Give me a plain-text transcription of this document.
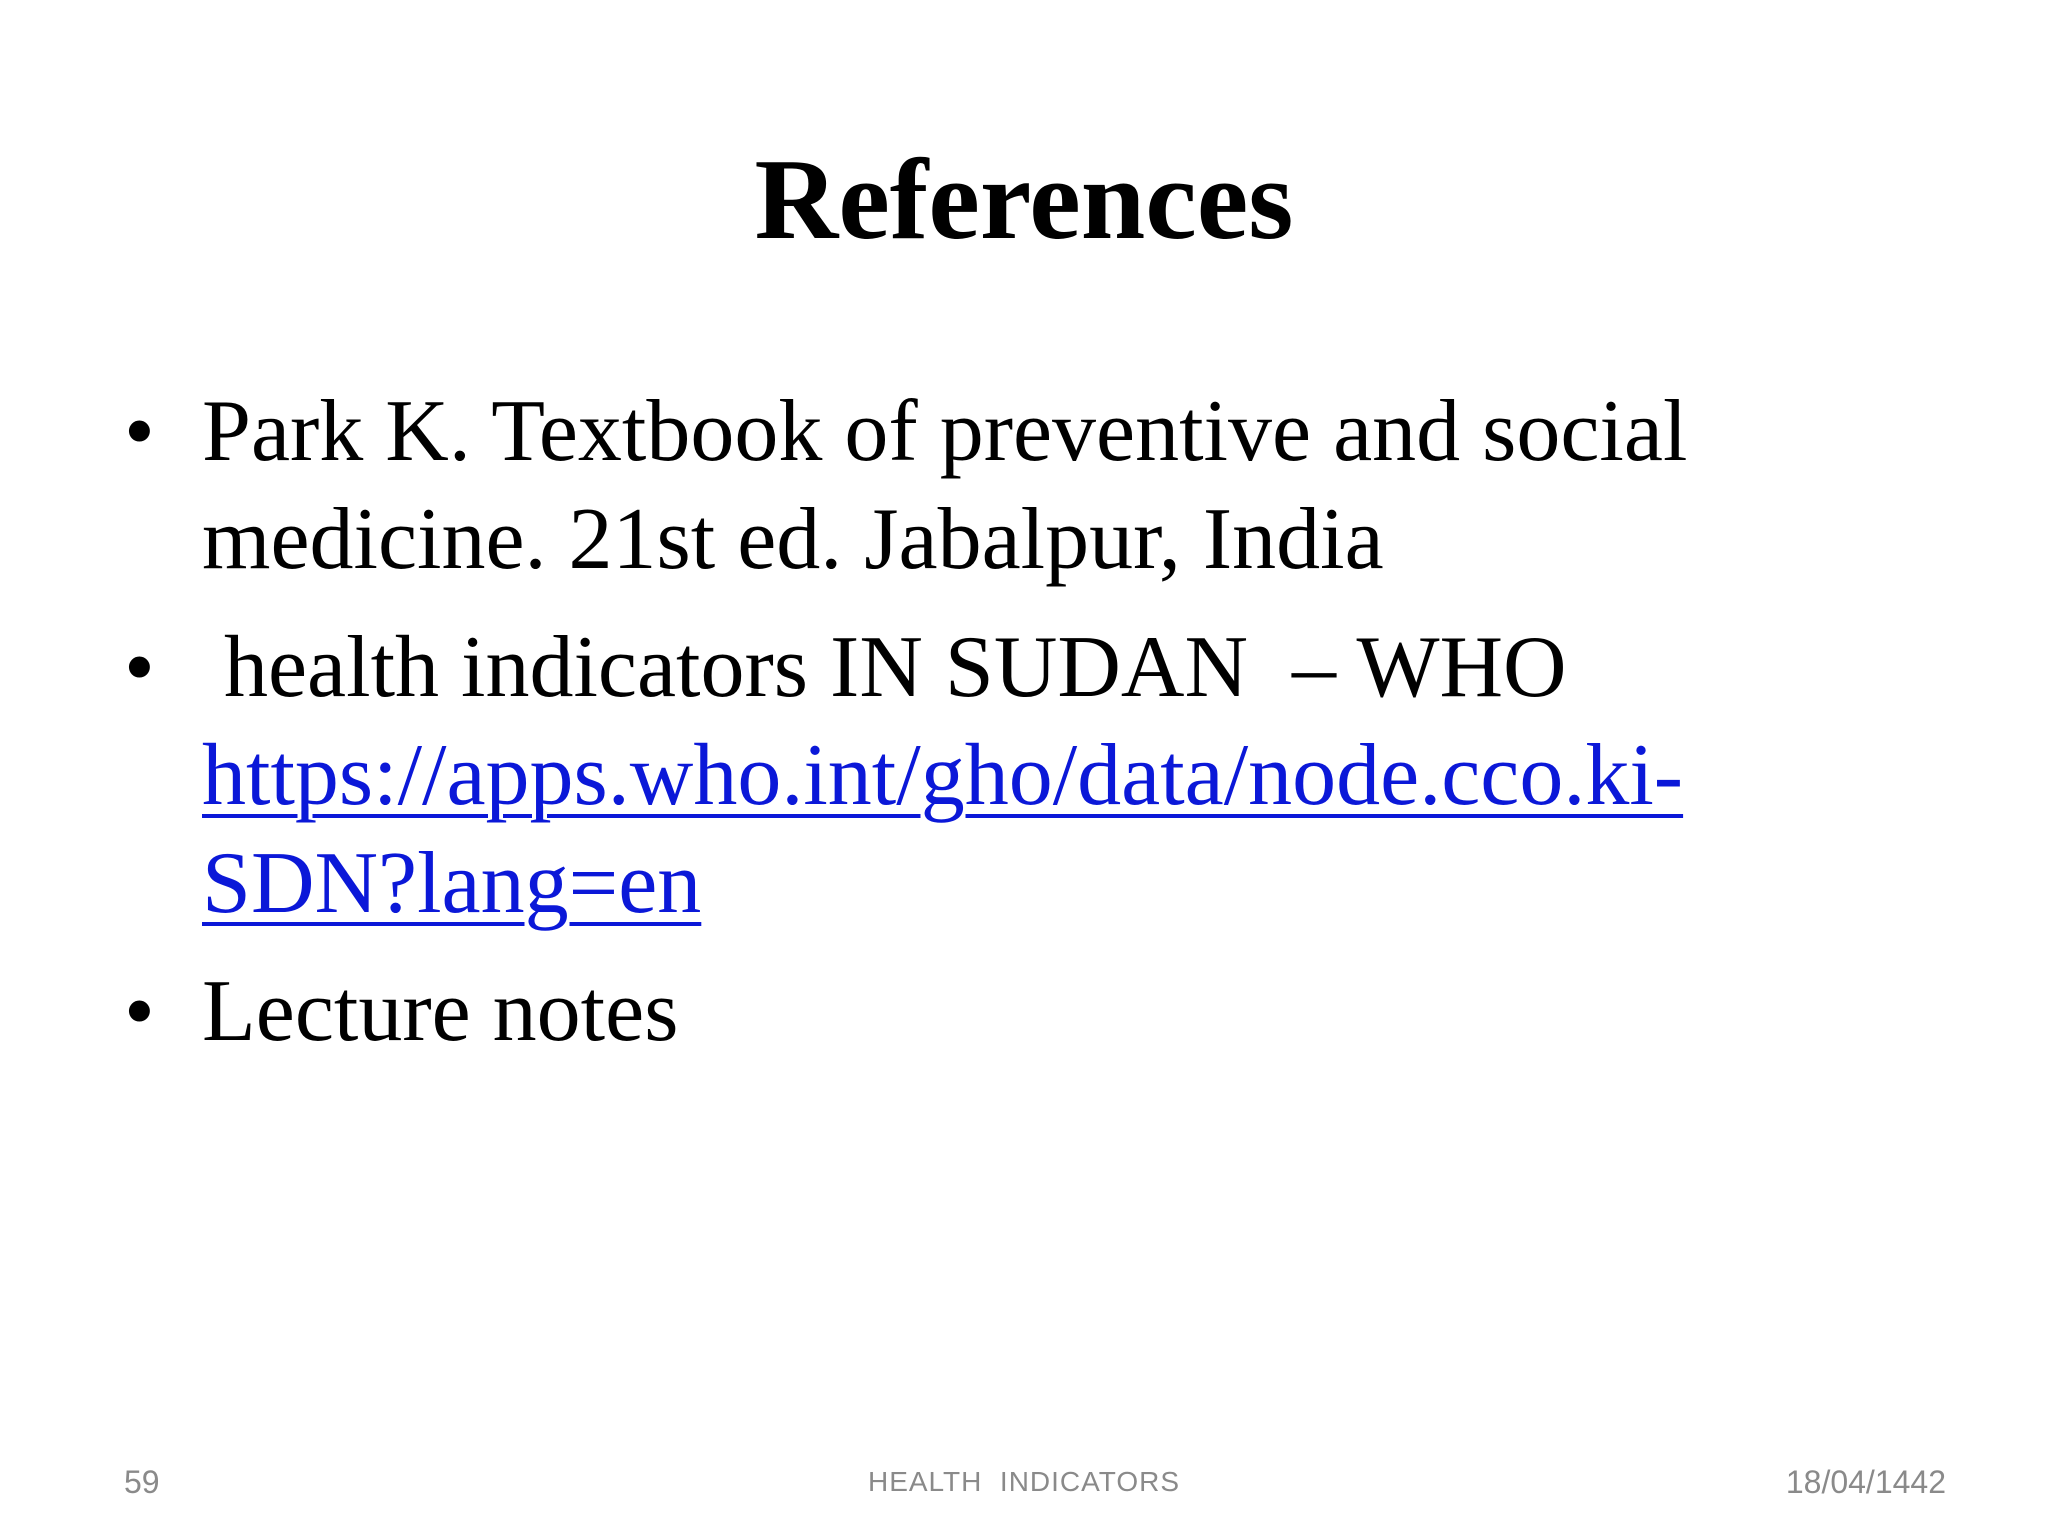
References
• Park K. Textbook of preventive and social medicine. 21st ed. Jabalpur, India
• health indicators IN SUDAN  – WHO
https://apps.who.int/gho/data/node.cco.ki-SDN?lang=en
• Lecture notes
59	HEALTH  INDICATORS	18/04/1442
